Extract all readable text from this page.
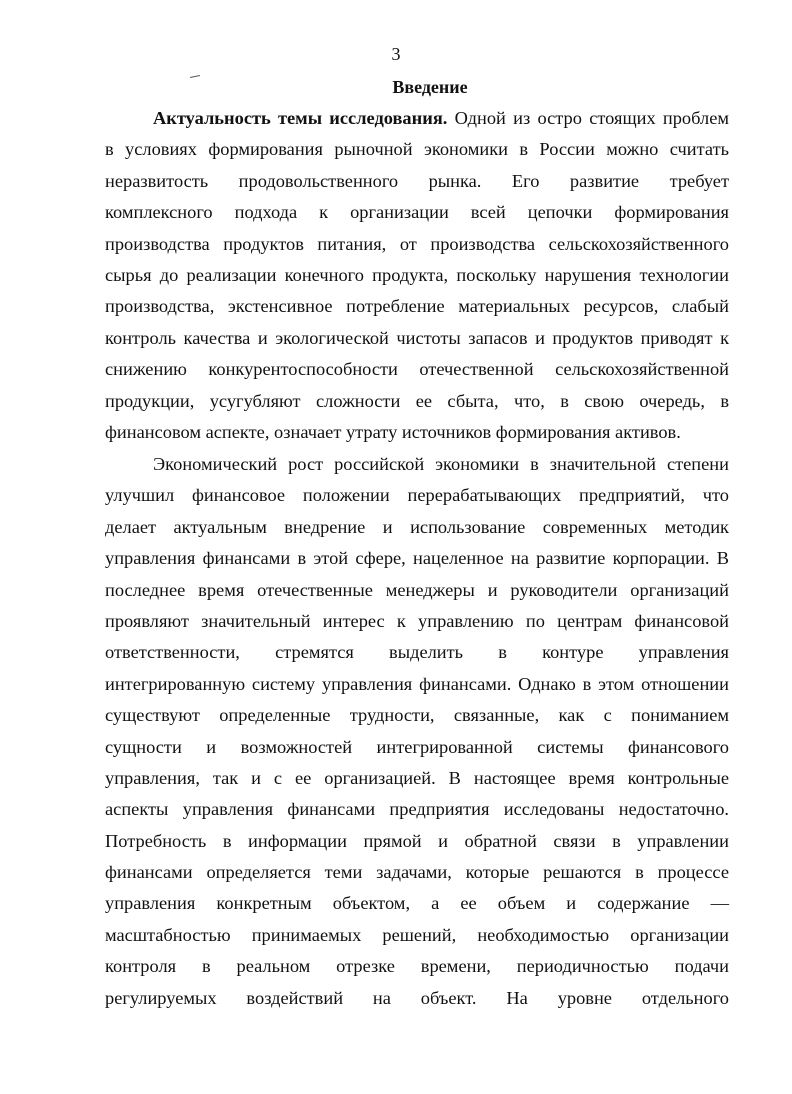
3
Введение
Актуальность темы исследования. Одной из остро стоящих проблем
в условиях формирования рыночной экономики в России можно считать
неразвитость продовольственного рынка. Его развитие требует
комплексного подхода к организации всей цепочки формирования
производства продуктов питания, от производства сельскохозяйственного
сырья до реализации конечного продукта, поскольку нарушения технологии
производства, экстенсивное потребление материальных ресурсов, слабый
контроль качества и экологической чистоты запасов и продуктов приводят к
снижению конкурентоспособности отечественной сельскохозяйственной
продукции, усугубляют сложности ее сбыта, что, в свою очередь, в
финансовом аспекте, означает утрату источников формирования активов.
Экономический рост российской экономики в значительной степени
улучшил финансовое положении перерабатывающих предприятий, что
делает актуальным внедрение и использование современных методик
управления финансами в этой сфере, нацеленное на развитие корпорации. В
последнее время отечественные менеджеры и руководители организаций
проявляют значительный интерес к управлению по центрам финансовой
ответственности, стремятся выделить в контуре управления
интегрированную систему управления финансами. Однако в этом отношении
существуют определенные трудности, связанные, как с пониманием
сущности и возможностей интегрированной системы финансового
управления, так и с ее организацией. В настоящее время контрольные
аспекты управления финансами предприятия исследованы недостаточно.
Потребность в информации прямой и обратной связи в управлении
финансами определяется теми задачами, которые решаются в процессе
управления конкретным объектом, а ее объем и содержание —
масштабностью принимаемых решений, необходимостью организации
контроля в реальном отрезке времени, периодичностью подачи
регулируемых воздействий на объект. На уровне отдельного
